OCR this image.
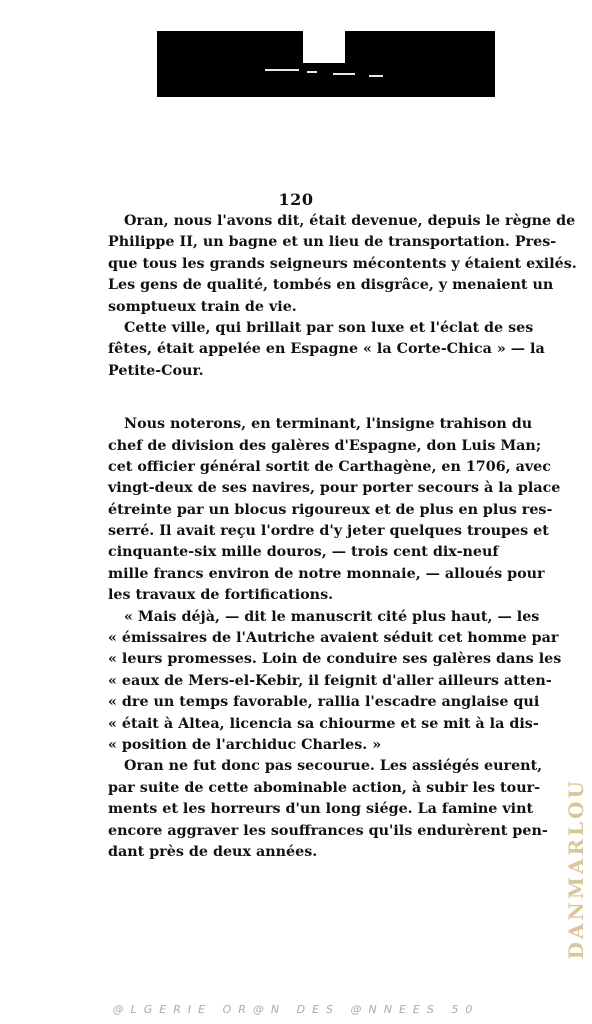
120
Oran, nous l'avons dit, était devenue, depuis le règne de
Philippe II, un bagne et un lieu de transportation. Pres-
que tous les grands seigneurs mécontents y étaient exilés.
Les gens de qualité, tombés en disgrâce, y menaient un
somptueux train de vie.
Cette ville, qui brillait par son luxe et l'éclat de ses
fêtes, était appelée en Espagne « la Corte-Chica » — la
Petite-Cour.
Nous noterons, en terminant, l'insigne trahison du
chef de division des galères d'Espagne, don Luis Man;
cet officier général sortit de Carthagène, en 1706, avec
vingt-deux de ses navires, pour porter secours à la place
étreinte par un blocus rigoureux et de plus en plus res-
serré. Il avait reçu l'ordre d'y jeter quelques troupes et
cinquante-six mille douros, — trois cent dix-neuf
mille francs environ de notre monnaie, — alloués pour
les travaux de fortifications.
« Mais déjà, — dit le manuscrit cité plus haut, — les
« émissaires de l'Autriche avaient séduit cet homme par
« leurs promesses. Loin de conduire ses galères dans les
« eaux de Mers-el-Kebir, il feignit d'aller ailleurs atten-
« dre un temps favorable, rallia l'escadre anglaise qui
« était à Altea, licencia sa chiourme et se mit à la dis-
« position de l'archiduc Charles. »
Oran ne fut donc pas secourue. Les assiégés eurent,
par suite de cette abominable action, à subir les tour-
ments et les horreurs d'un long siége. La famine vint
encore aggraver les souffrances qu'ils endurèrent pen-
dant près de deux années.	DANMARLOU
@LGERIE OR@N DES @NNEES 50
